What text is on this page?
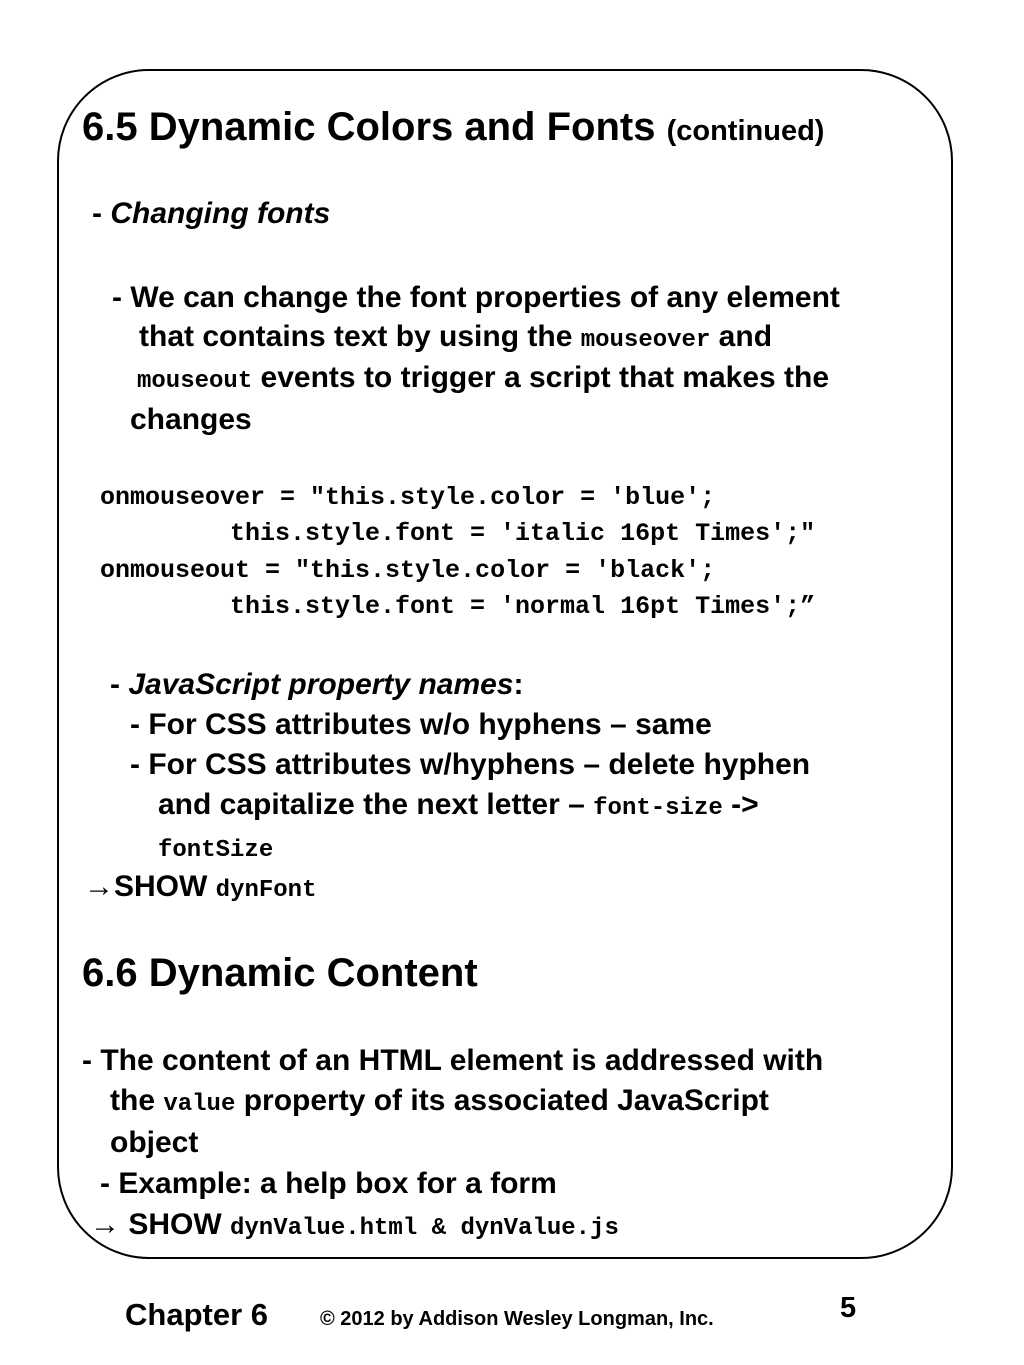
6.5 Dynamic Colors and Fonts (continued)
- Changing fonts
- We can change the font properties of any element
that contains text by using the mouseover and
mouseout events to trigger a script that makes the
changes
onmouseover = "this.style.color = 'blue';
this.style.font = 'italic 16pt Times';"
onmouseout = "this.style.color = 'black';
this.style.font = 'normal 16pt Times';”
- JavaScript property names:
- For CSS attributes w/o hyphens – same
- For CSS attributes w/hyphens – delete hyphen
and capitalize the next letter – font-size ->
fontSize
→SHOW dynFont
6.6 Dynamic Content
- The content of an HTML element is addressed with
the value property of its associated JavaScript
object
- Example: a help box for a form
→ SHOW dynValue.html & dynValue.js
Chapter 6	© 2012 by Addison Wesley Longman, Inc.	5
